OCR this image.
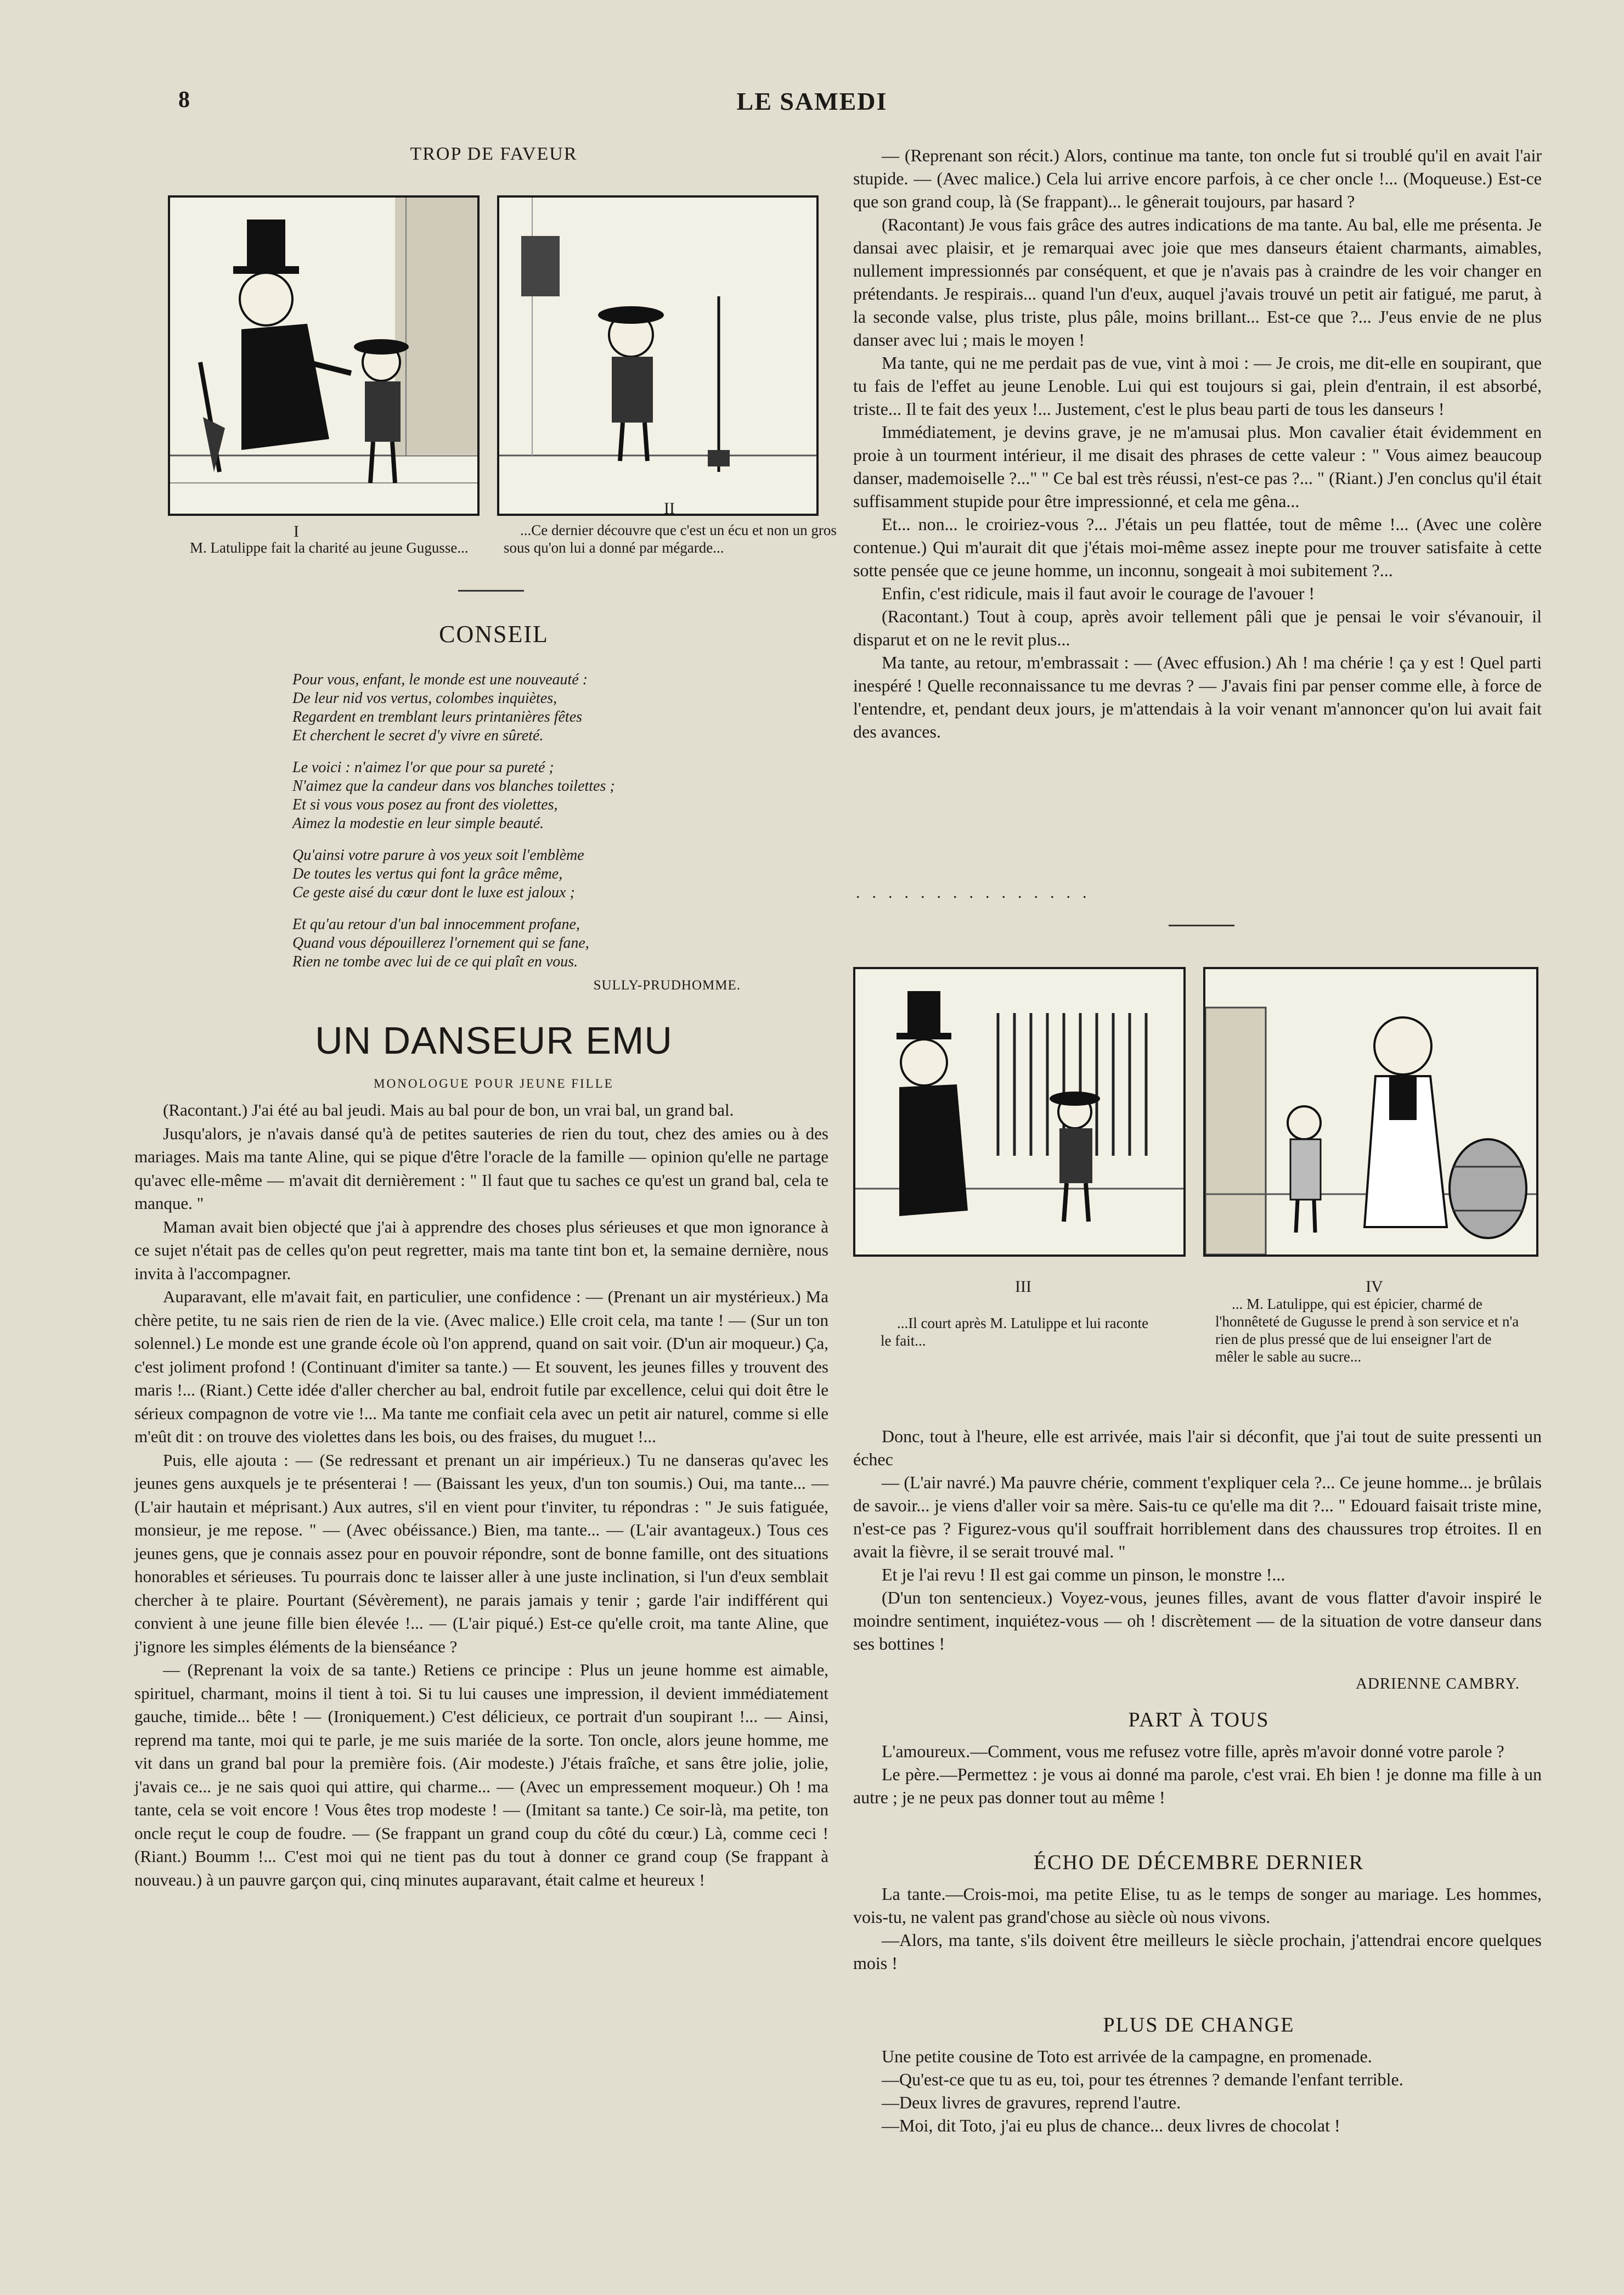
8	LE SAMEDI
TROP DE FAVEUR
I
M. Latulippe fait la charité au jeune Gugusse...
II
...Ce dernier découvre que c'est un écu et non un gros sous qu'on lui a donné par mégarde...
CONSEIL

Pour vous, enfant, le monde est une nouveauté :

De leur nid vos vertus, colombes inquiètes,

Regardent en tremblant leurs printanières fêtes

Et cherchent le secret d'y vivre en sûreté.

Le voici : n'aimez l'or que pour sa pureté ;

N'aimez que la candeur dans vos blanches toilettes ;

Et si vous vous posez au front des violettes,

Aimez la modestie en leur simple beauté.

Qu'ainsi votre parure à vos yeux soit l'emblème

De toutes les vertus qui font la grâce même,

Ce geste aisé du cœur dont le luxe est jaloux ;

Et qu'au retour d'un bal innocemment profane,

Quand vous dépouillerez l'ornement qui se fane,

Rien ne tombe avec lui de ce qui plaît en vous.

SULLY-PRUDHOMME.
UN DANSEUR EMU
MONOLOGUE POUR JEUNE FILLE

(Racontant.) J'ai été au bal jeudi. Mais au bal pour de bon, un vrai bal, un grand bal.

Jusqu'alors, je n'avais dansé qu'à de petites sauteries de rien du tout, chez des amies ou à des mariages. Mais ma tante Aline, qui se pique d'être l'oracle de la famille — opinion qu'elle ne partage qu'avec elle-même — m'avait dit dernièrement : " Il faut que tu saches ce qu'est un grand bal, cela te manque. "

Maman avait bien objecté que j'ai à apprendre des choses plus sérieuses et que mon ignorance à ce sujet n'était pas de celles qu'on peut regretter, mais ma tante tint bon et, la semaine dernière, nous invita à l'accompagner.

Auparavant, elle m'avait fait, en particulier, une confidence : — (Prenant un air mystérieux.) Ma chère petite, tu ne sais rien de rien de la vie. (Avec malice.) Elle croit cela, ma tante ! — (Sur un ton solennel.) Le monde est une grande école où l'on apprend, quand on sait voir. (D'un air moqueur.) Ça, c'est joliment profond ! (Continuant d'imiter sa tante.) — Et souvent, les jeunes filles y trouvent des maris !... (Riant.) Cette idée d'aller chercher au bal, endroit futile par excellence, celui qui doit être le sérieux compagnon de votre vie !... Ma tante me confiait cela avec un petit air naturel, comme si elle m'eût dit : on trouve des violettes dans les bois, ou des fraises, du muguet !...

Puis, elle ajouta : — (Se redressant et prenant un air impérieux.) Tu ne danseras qu'avec les jeunes gens auxquels je te présenterai ! — (Baissant les yeux, d'un ton soumis.) Oui, ma tante... — (L'air hautain et méprisant.) Aux autres, s'il en vient pour t'inviter, tu répondras : " Je suis fatiguée, monsieur, je me repose. " — (Avec obéissance.) Bien, ma tante... — (L'air avantageux.) Tous ces jeunes gens, que je connais assez pour en pouvoir répondre, sont de bonne famille, ont des situations honorables et sérieuses. Tu pourrais donc te laisser aller à une juste inclination, si l'un d'eux semblait chercher à te plaire. Pourtant (Sévèrement), ne parais jamais y tenir ; garde l'air indifférent qui convient à une jeune fille bien élevée !... — (L'air piqué.) Est-ce qu'elle croit, ma tante Aline, que j'ignore les simples éléments de la bienséance ?

— (Reprenant la voix de sa tante.) Retiens ce principe : Plus un jeune homme est aimable, spirituel, charmant, moins il tient à toi. Si tu lui causes une impression, il devient immédiatement gauche, timide... bête ! — (Ironiquement.) C'est délicieux, ce portrait d'un soupirant !... — Ainsi, reprend ma tante, moi qui te parle, je me suis mariée de la sorte. Ton oncle, alors jeune homme, me vit dans un grand bal pour la première fois. (Air modeste.) J'étais fraîche, et sans être jolie, jolie, j'avais ce... je ne sais quoi qui attire, qui charme... — (Avec un empressement moqueur.) Oh ! ma tante, cela se voit encore ! Vous êtes trop modeste ! — (Imitant sa tante.) Ce soir-là, ma petite, ton oncle reçut le coup de foudre. — (Se frappant un grand coup du côté du cœur.) Là, comme ceci ! (Riant.) Boumm !... C'est moi qui ne tient pas du tout à donner ce grand coup (Se frappant à nouveau.) à un pauvre garçon qui, cinq minutes auparavant, était calme et heureux !

— (Reprenant son récit.) Alors, continue ma tante, ton oncle fut si troublé qu'il en avait l'air stupide. — (Avec malice.) Cela lui arrive encore parfois, à ce cher oncle !... (Moqueuse.) Est-ce que son grand coup, là (Se frappant)... le gênerait toujours, par hasard ?

(Racontant) Je vous fais grâce des autres indications de ma tante. Au bal, elle me présenta. Je dansai avec plaisir, et je remarquai avec joie que mes danseurs étaient charmants, aimables, nullement impressionnés par conséquent, et que je n'avais pas à craindre de les voir changer en prétendants. Je respirais... quand l'un d'eux, auquel j'avais trouvé un petit air fatigué, me parut, à la seconde valse, plus triste, plus pâle, moins brillant... Est-ce que ?... J'eus envie de ne plus danser avec lui ; mais le moyen !

Ma tante, qui ne me perdait pas de vue, vint à moi : — Je crois, me dit-elle en soupirant, que tu fais de l'effet au jeune Lenoble. Lui qui est toujours si gai, plein d'entrain, il est absorbé, triste... Il te fait des yeux !... Justement, c'est le plus beau parti de tous les danseurs !

Immédiatement, je devins grave, je ne m'amusai plus. Mon cavalier était évidemment en proie à un tourment intérieur, il me disait des phrases de cette valeur : " Vous aimez beaucoup danser, mademoiselle ?..." " Ce bal est très réussi, n'est-ce pas ?... " (Riant.) J'en conclus qu'il était suffisamment stupide pour être impressionné, et cela me gêna...

Et... non... le croiriez-vous ?... J'étais un peu flattée, tout de même !... (Avec une colère contenue.) Qui m'aurait dit que j'étais moi-même assez inepte pour me trouver satisfaite à cette sotte pensée que ce jeune homme, un inconnu, songeait à moi subitement ?...

Enfin, c'est ridicule, mais il faut avoir le courage de l'avouer !

(Racontant.) Tout à coup, après avoir tellement pâli que je pensai le voir s'évanouir, il disparut et on ne le revit plus...

Ma tante, au retour, m'embrassait : — (Avec effusion.) Ah ! ma chérie ! ça y est ! Quel parti inespéré ! Quelle reconnaissance tu me devras ? — J'avais fini par penser comme elle, à force de l'entendre, et, pendant deux jours, je m'attendais à la voir venant m'annoncer qu'on lui avait fait des avances.

...............
III
...Il court après M. Latulippe et lui raconte le fait...
IV
... M. Latulippe, qui est épicier, charmé de l'honnêteté de Gugusse le prend à son service et n'a rien de plus pressé que de lui enseigner l'art de mêler le sable au sucre...

Donc, tout à l'heure, elle est arrivée, mais l'air si déconfit, que j'ai tout de suite pressenti un échec

— (L'air navré.) Ma pauvre chérie, comment t'expliquer cela ?... Ce jeune homme... je brûlais de savoir... je viens d'aller voir sa mère. Sais-tu ce qu'elle ma dit ?... " Edouard faisait triste mine, n'est-ce pas ? Figurez-vous qu'il souffrait horriblement dans des chaussures trop étroites. Il en avait la fièvre, il se serait trouvé mal. "

Et je l'ai revu ! Il est gai comme un pinson, le monstre !...

(D'un ton sentencieux.) Voyez-vous, jeunes filles, avant de vous flatter d'avoir inspiré le moindre sentiment, inquiétez-vous — oh ! discrètement — de la situation de votre danseur dans ses bottines !

ADRIENNE CAMBRY.
PART À TOUS

L'amoureux.—Comment, vous me refusez votre fille, après m'avoir donné votre parole ?

Le père.—Permettez : je vous ai donné ma parole, c'est vrai. Eh bien ! je donne ma fille à un autre ; je ne peux pas donner tout au même !

ÉCHO DE DÉCEMBRE DERNIER

La tante.—Crois-moi, ma petite Elise, tu as le temps de songer au mariage. Les hommes, vois-tu, ne valent pas grand'chose au siècle où nous vivons.

—Alors, ma tante, s'ils doivent être meilleurs le siècle prochain, j'attendrai encore quelques mois !

PLUS DE CHANGE

Une petite cousine de Toto est arrivée de la campagne, en promenade.

—Qu'est-ce que tu as eu, toi, pour tes étrennes ? demande l'enfant terrible.

—Deux livres de gravures, reprend l'autre.

—Moi, dit Toto, j'ai eu plus de chance... deux livres de chocolat !
